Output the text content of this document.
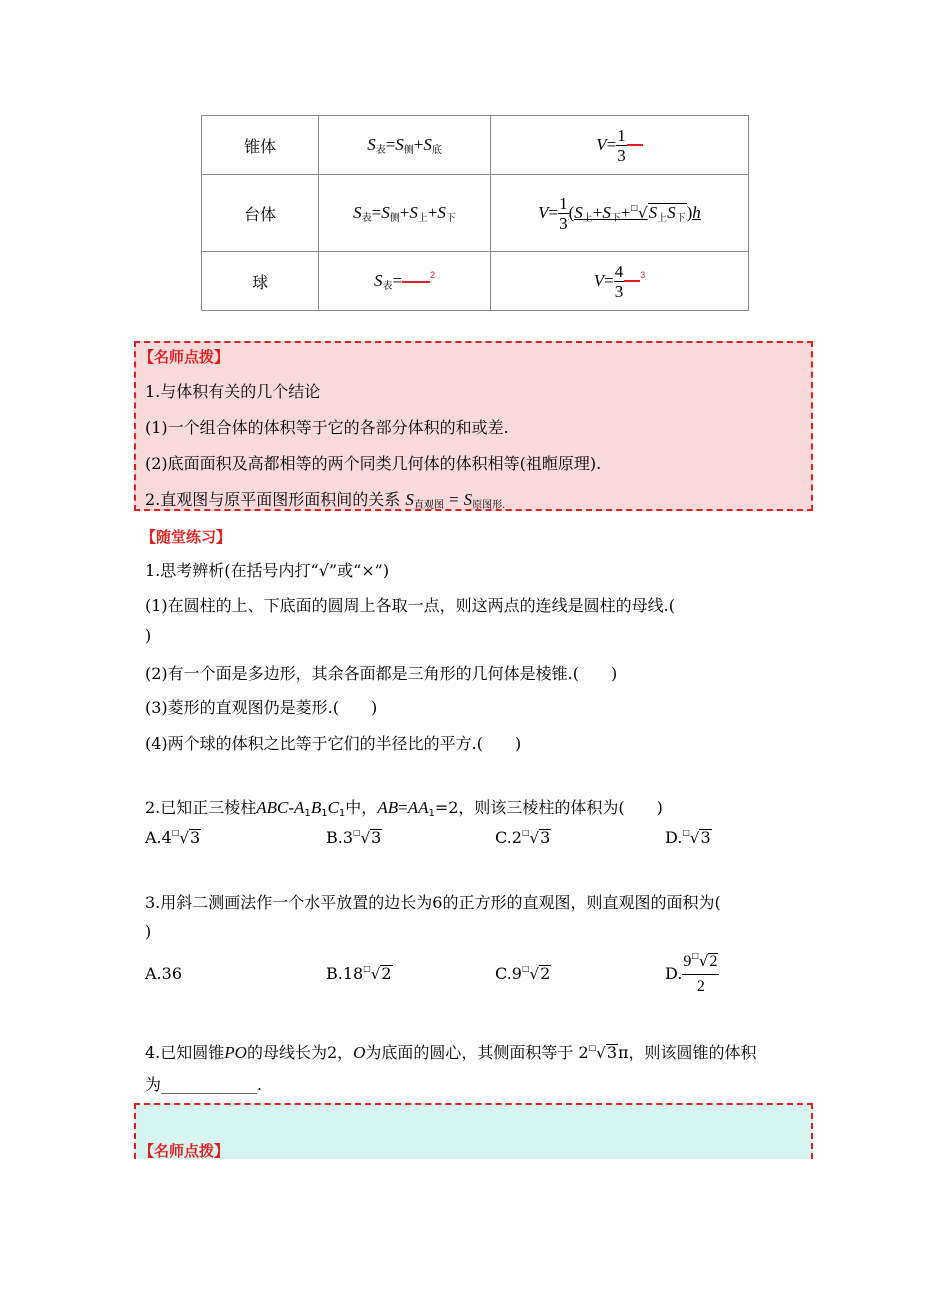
锥体	$S_表=S_侧+S_底$	$V= \frac{1}{3}$

台体	$S_表=S_侧+S_上+S_下$	$V= \frac{1}{3} (S_上+S_下+^□√S_上S_下)h$
球	$S_表= ^2$	$V= \frac{4}{3} ^3$
【名师点拨】
1.与体积有关的几个结论
(1)一个组合体的体积等于它的各部分体积的和或差.
(2)底面面积及高都相等的两个同类几何体的体积相等(祖暅原理).
2.直观图与原平面图形面积间的关系 $S_{直观图} = S_{原图形.}$
【随堂练习】
1.思考辨析(在括号内打“√”或“×”)
(1)在圆柱的上、下底面的圆周上各取一点，则这两点的连线是圆柱的母线.(
)
(2)有一个面是多边形，其余各面都是三角形的几何体是棱锥.(　　)
(3)菱形的直观图仍是菱形.(　　)
(4)两个球的体积之比等于它们的半径比的平方.(　　)
2.已知正三棱柱ABC-$A_1B_1C_1$中，$AB=AA_1=2$，则该三棱柱的体积为(　　)
A.4□√3	B.3□√3	C.2□√3	D.□√3
3.用斜二测画法作一个水平放置的边长为6的正方形的直观图，则直观图的面积为(
)
A.36	B.18□√2	C.9□√2	D. $\frac{9^□√2}{2}$
4.已知圆锥PO的母线长为2，O为底面的圆心，其侧面积等于 2□√3π，则该圆锥的体积
为____________.
【名师点拨】
